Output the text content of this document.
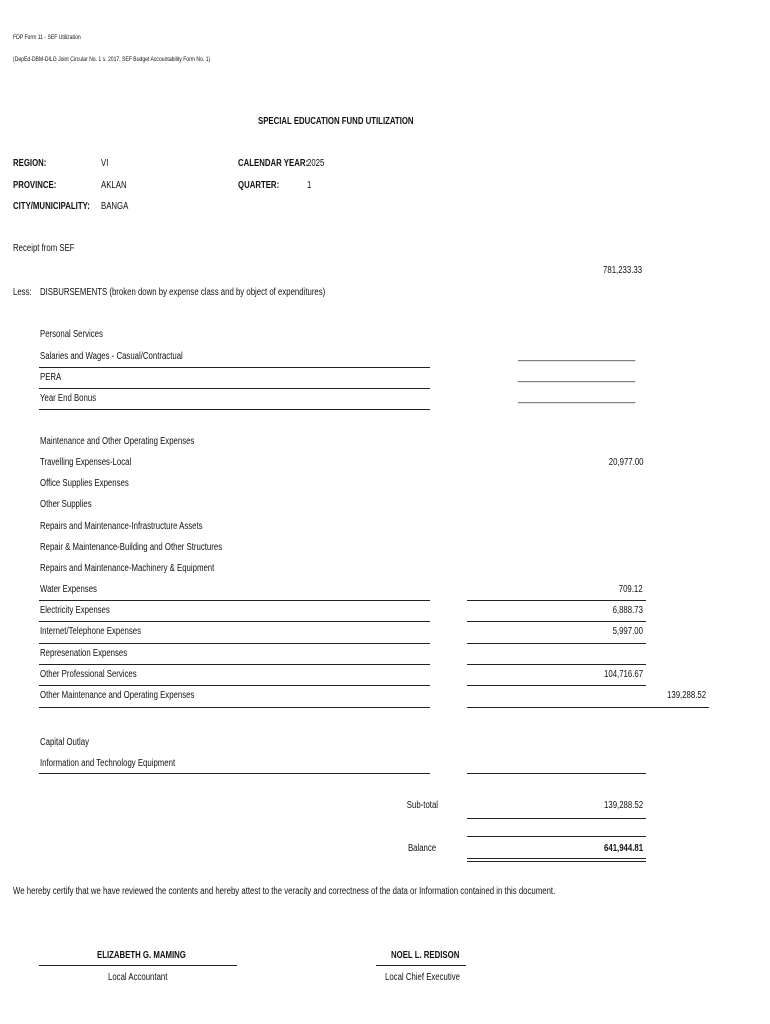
FDP Form 11 - SEF Utilization
(DepEd-DBM-DILG Joint Circular No. 1 s. 2017, SEF Budget Accountability Form No. 1)
SPECIAL EDUCATION FUND UTILIZATION
REGION:	VI
PROVINCE:	AKLAN
CITY/MUNICIPALITY: BANGA
CALENDAR YEAR:
2025
QUARTER:	1
Receipt from SEF
781,233.33
Less: DISBURSEMENTS (broken down by expense class and by object of expenditures)
Personal Services
Salaries and Wages - Casual/Contractual	___________________________
PERA	___________________________
Year End Bonus	___________________________
Maintenance and Other Operating Expenses
Travelling Expenses-Local	20,977.00
Office Supplies Expenses
Other Supplies
Repairs and Maintenance-Infrastructure Assets
Repair & Maintenance-Building and Other Structures
Repairs and Maintenance-Machinery & Equipment
Water Expenses	709.12
Electricity Expenses	6,888.73
Internet/Telephone Expenses	5,997.00
Represenation Expenses
Other Professional Services	104,716.67
Other Maintenance and Operating Expenses	139,288.52
Capital Outlay
Information and Technology Equipment
Sub-total	139,288.52
Balance	641,944.81
We hereby certify that we have reviewed the contents and hereby attest to the veracity and correctness of the data or Information contained in this document.
ELIZABETH G. MAMING
Local Accountant
NOEL L. REDISON
Local Chief Executive
